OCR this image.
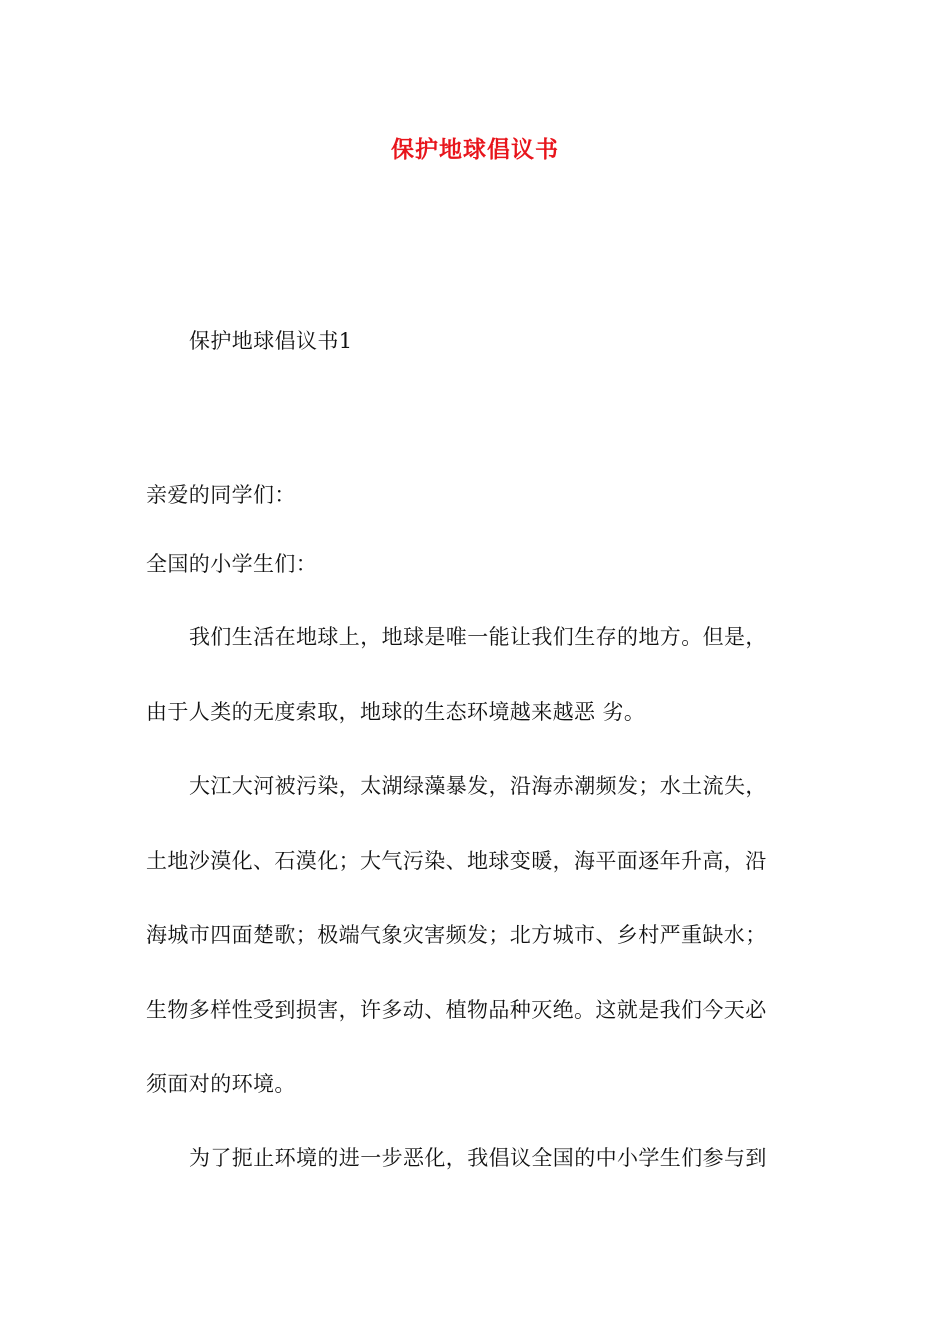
保护地球倡议书
保护地球倡议书1
亲爱的同学们：
全国的小学生们：
我们生活在地球上，地球是唯一能让我们生存的地方。但是，
由于人类的无度索取，地球的生态环境越来越恶 劣。
大江大河被污染，太湖绿藻暴发，沿海赤潮频发；水土流失，
土地沙漠化、石漠化；大气污染、地球变暖，海平面逐年升高，沿
海城市四面楚歌；极端气象灾害频发；北方城市、乡村严重缺水；
生物多样性受到损害，许多动、植物品种灭绝。这就是我们今天必
须面对的环境。
为了扼止环境的进一步恶化，我倡议全国的中小学生们参与到
